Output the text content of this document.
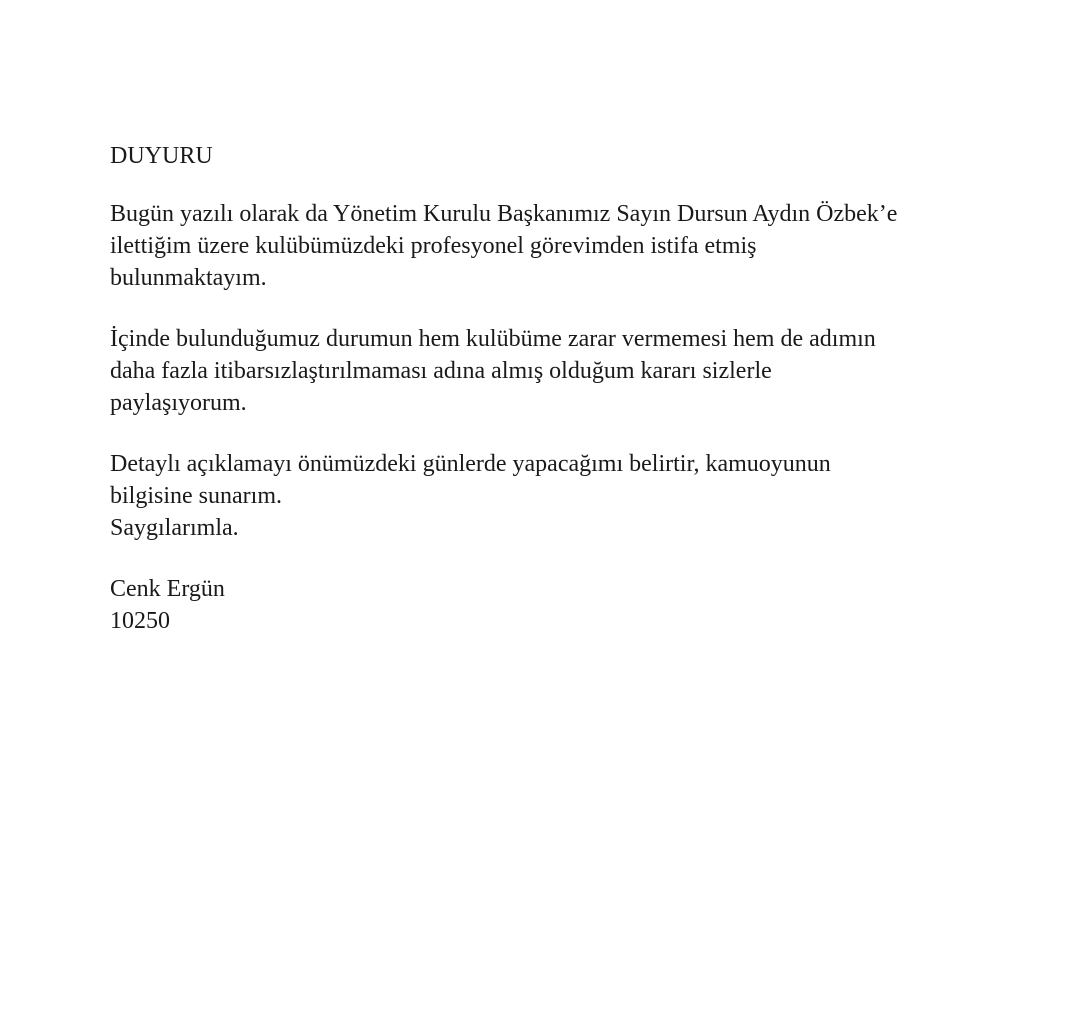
DUYURU
Bugün yazılı olarak da Yönetim Kurulu Başkanımız Sayın Dursun Aydın Özbek’e
ilettiğim üzere kulübümüzdeki profesyonel görevimden istifa etmiş
bulunmaktayım.
İçinde bulunduğumuz durumun hem kulübüme zarar vermemesi hem de adımın
daha fazla itibarsızlaştırılmaması adına almış olduğum kararı sizlerle
paylaşıyorum.
Detaylı açıklamayı önümüzdeki günlerde yapacağımı belirtir, kamuoyunun
bilgisine sunarım.
Saygılarımla.
Cenk Ergün
10250
